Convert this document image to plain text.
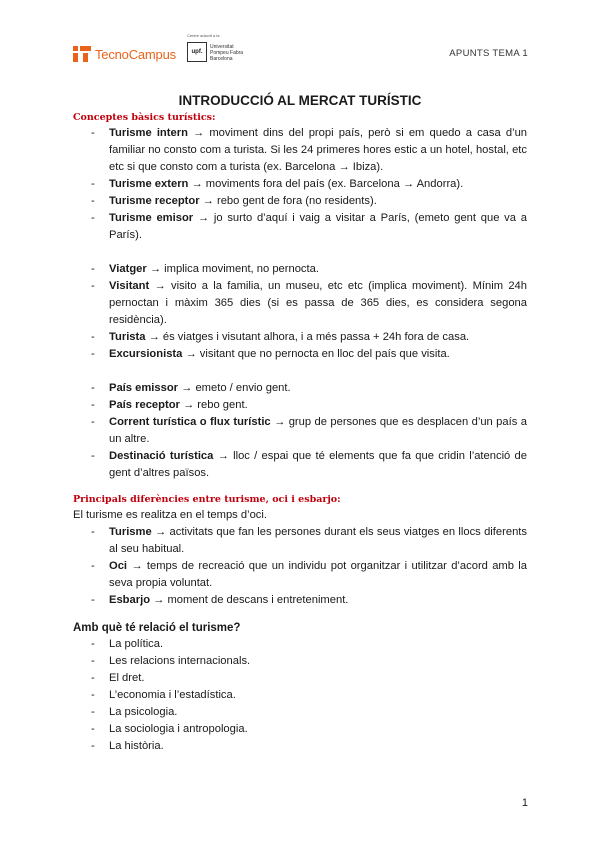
TecnoCampus
Centre adscrit a la
upf.
Universitat
Pompeu Fabra
Barcelona	APUNTS TEMA 1
INTRODUCCIÓ AL MERCAT TURÍSTIC
Conceptes bàsics turístics:
- Turisme intern → moviment dins del propi país, però si em quedo a casa d’un familiar no consto com a turista. Si les 24 primeres hores estic a un hotel, hostal, etc etc si que consto com a turista (ex. Barcelona → Ibiza).
- Turisme extern → moviments fora del país (ex. Barcelona → Andorra).
- Turisme receptor → rebo gent de fora (no residents).
- Turisme emisor → jo surto d’aquí i vaig a visitar a París, (emeto gent que va a París).
- Viatger → implica moviment, no pernocta.
- Visitant → visito a la familia, un museu, etc etc (implica moviment). Mínim 24h pernoctan i màxim 365 dies (si es passa de 365 dies, es considera segona residència).
- Turista → és viatges i visutant alhora, i a més passa + 24h fora de casa.
- Excursionista → visitant que no pernocta en lloc del país que visita.
- País emissor → emeto / envio gent.
- País receptor → rebo gent.
- Corrent turística o flux turístic → grup de persones que es desplacen d’un país a un altre.
- Destinació turística → lloc / espai que té elements que fa que cridin l’atenció de gent d’altres països.
Principals diferències entre turisme, oci i esbarjo:
El turisme es realitza en el temps d’oci.
- Turisme → activitats que fan les persones durant els seus viatges en llocs diferents al seu habitual.
- Oci → temps de recreació que un individu pot organitzar i utilitzar d’acord amb la seva propia voluntat.
- Esbarjo → moment de descans i entreteniment.
Amb què té relació el turisme?
- La política.
- Les relacions internacionals.
- El dret.
- L’economia i l’estadística.
- La psicologia.
- La sociologia i antropologia.
- La història.
1
